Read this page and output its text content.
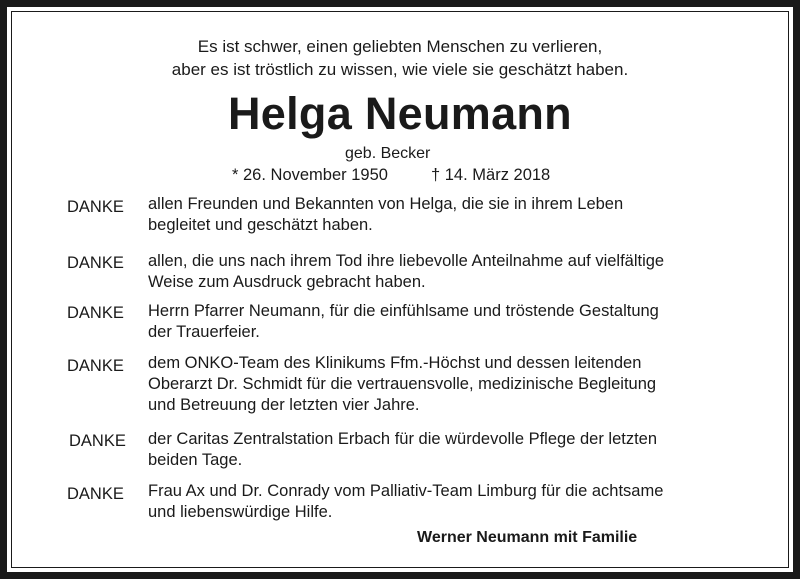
Es ist schwer, einen geliebten Menschen zu verlieren,
aber es ist tröstlich zu wissen, wie viele sie geschätzt haben.
Helga Neumann
geb. Becker
* 26. November 1950	† 14. März 2018
DANKE allen Freunden und Bekannten von Helga, die sie in ihrem Leben
begleitet und geschätzt haben.
DANKE allen, die uns nach ihrem Tod ihre liebevolle Anteilnahme auf vielfältige
Weise zum Ausdruck gebracht haben.
DANKE Herrn Pfarrer Neumann, für die einfühlsame und tröstende Gestaltung
der Trauerfeier.
DANKE dem ONKO-Team des Klinikums Ffm.-Höchst und dessen leitenden
Oberarzt Dr. Schmidt für die vertrauensvolle, medizinische Begleitung
und Betreuung der letzten vier Jahre.
DANKE der Caritas Zentralstation Erbach für die würdevolle Pflege der letzten
beiden Tage.
DANKE Frau Ax und Dr. Conrady vom Palliativ-Team Limburg für die achtsame
und liebenswürdige Hilfe.
Werner Neumann mit Familie
